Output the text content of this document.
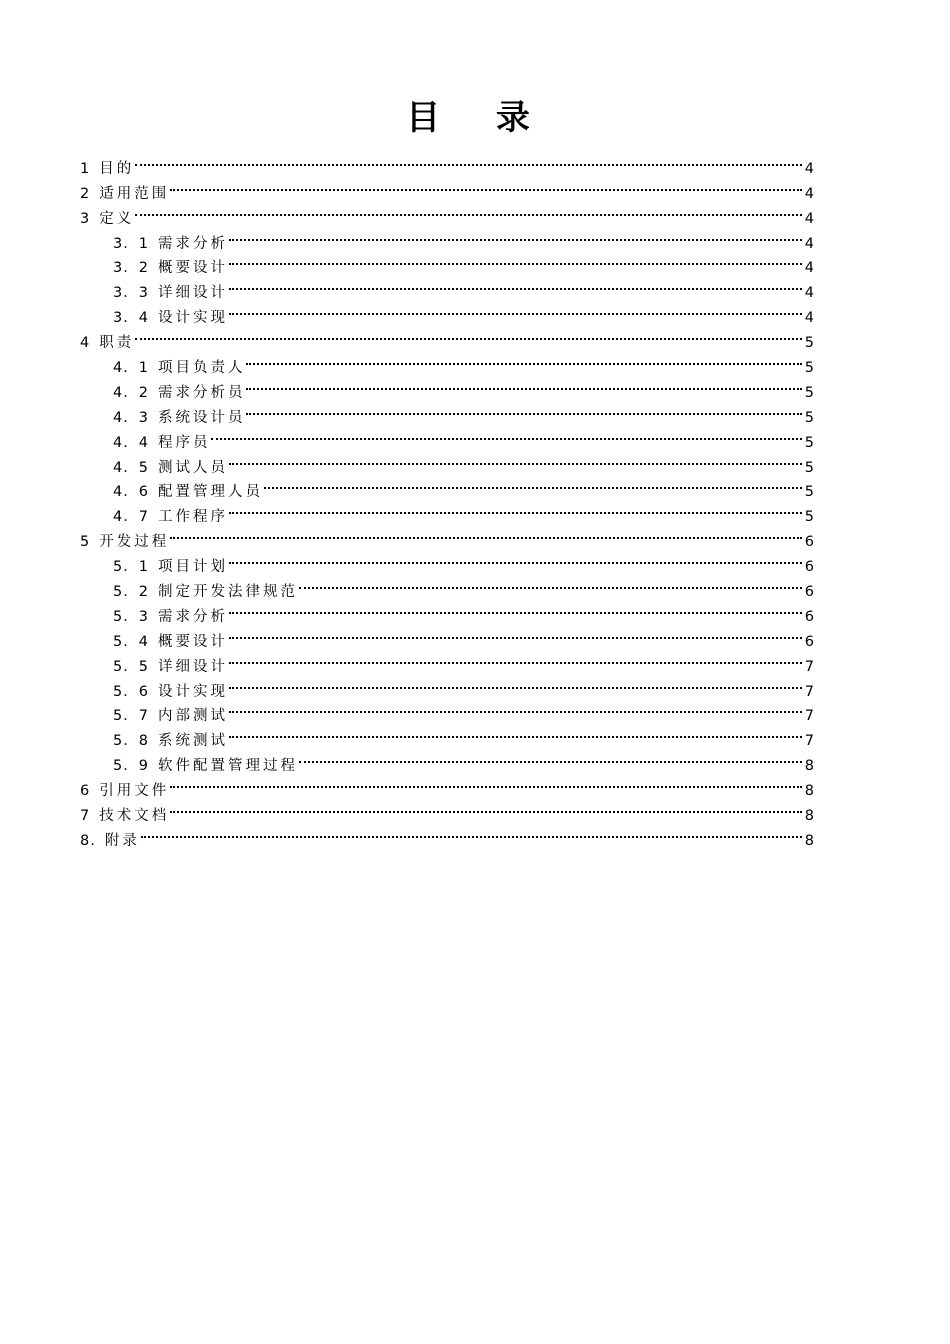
目 录
1 目的	4
2 适用范围	4
3 定义	4
3．1 需求分析	4
3．2 概要设计	4
3．3 详细设计	4
3．4 设计实现	4
4 职责	5
4．1 项目负责人	5
4．2 需求分析员	5
4．3 系统设计员	5
4．4 程序员	5
4．5 测试人员	5
4．6 配置管理人员	5
4．7 工作程序	5
5 开发过程	6
5．1 项目计划	6
5．2 制定开发法律规范	6
5．3 需求分析	6
5．4 概要设计	6
5．5 详细设计	7
5．6 设计实现	7
5．7 内部测试	7
5．8 系统测试	7
5．9 软件配置管理过程	8
6 引用文件	8
7 技术文档	8
8. 附录	8
